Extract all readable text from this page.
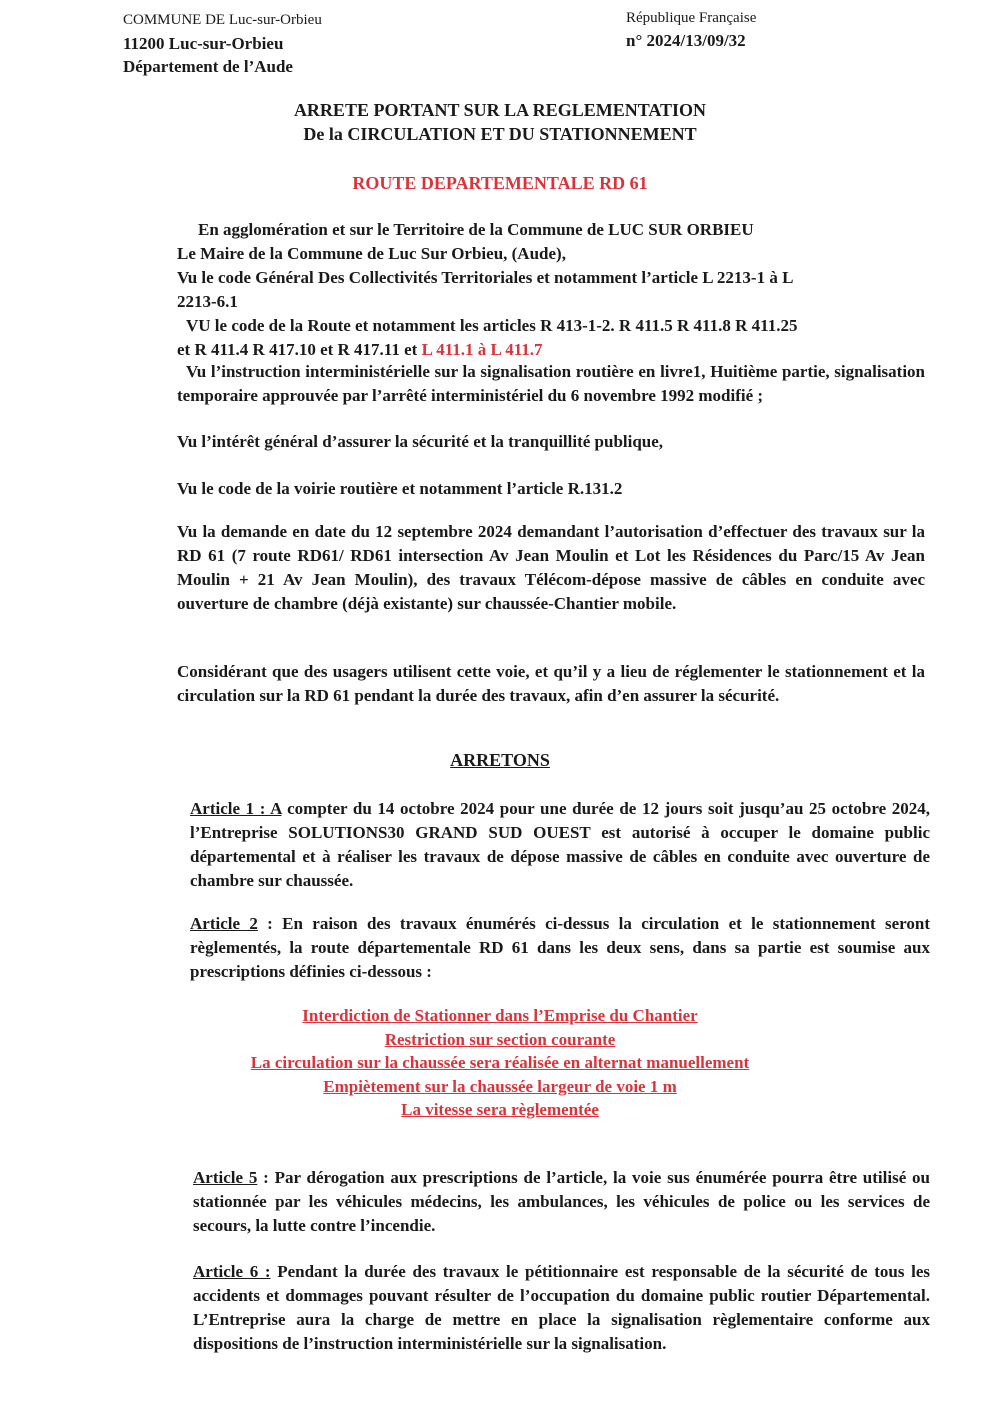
COMMUNE DE Luc-sur-Orbieu
11200 Luc-sur-Orbieu
Département de l’Aude
République Française
n° 2024/13/09/32
ARRETE PORTANT SUR LA REGLEMENTATION
De la CIRCULATION ET DU STATIONNEMENT
ROUTE DEPARTEMENTALE RD 61
En agglomération et sur le Territoire de la Commune de LUC SUR ORBIEU
Le Maire de la Commune de Luc Sur Orbieu, (Aude),
Vu le code Général Des Collectivités Territoriales et notamment l’article L 2213-1 à L
2213-6.1
VU le code de la Route et notamment les articles R 413-1-2. R 411.5 R 411.8 R 411.25
et R 411.4 R 417.10 et R 417.11 et L 411.1 à L 411.7
Vu l’instruction interministérielle sur la signalisation routière en livre1, Huitième partie, signalisation temporaire approuvée par l’arrêté interministériel du 6 novembre 1992 modifié ;
Vu l’intérêt général d’assurer la sécurité et la tranquillité publique,
Vu le code de la voirie routière et notamment l’article R.131.2
Vu la demande en date du 12 septembre 2024 demandant l’autorisation d’effectuer des travaux sur la RD 61 (7 route RD61/ RD61 intersection Av Jean Moulin et Lot les Résidences du Parc/15 Av Jean Moulin + 21 Av Jean Moulin), des travaux Télécom-dépose massive de câbles en conduite avec ouverture de chambre (déjà existante) sur chaussée-Chantier mobile.
Considérant que des usagers utilisent cette voie, et qu’il y a lieu de réglementer le stationnement et la circulation sur la RD 61 pendant la durée des travaux, afin d’en assurer la sécurité.
ARRETONS
Article 1 : A compter du 14 octobre 2024 pour une durée de 12 jours soit jusqu’au 25 octobre 2024, l’Entreprise SOLUTIONS30 GRAND SUD OUEST est autorisé à occuper le domaine public départemental et à réaliser les travaux de dépose massive de câbles en conduite avec ouverture de chambre sur chaussée.
Article 2 : En raison des travaux énumérés ci-dessus la circulation et le stationnement seront règlementés, la route départementale RD 61 dans les deux sens, dans sa partie est soumise aux prescriptions définies ci-dessous :
Interdiction de Stationner dans l’Emprise du Chantier
Restriction sur section courante
La circulation sur la chaussée sera réalisée en alternat manuellement
Empiètement sur la chaussée largeur de voie 1 m
La vitesse sera règlementée
Article 5 : Par dérogation aux prescriptions de l’article, la voie sus énumérée pourra être utilisé ou stationnée par les véhicules médecins, les ambulances, les véhicules de police ou les services de secours, la lutte contre l’incendie.
Article 6 : Pendant la durée des travaux le pétitionnaire est responsable de la sécurité de tous les accidents et dommages pouvant résulter de l’occupation du domaine public routier Départemental. L’Entreprise aura la charge de mettre en place la signalisation règlementaire conforme aux dispositions de l’instruction interministérielle sur la signalisation.
